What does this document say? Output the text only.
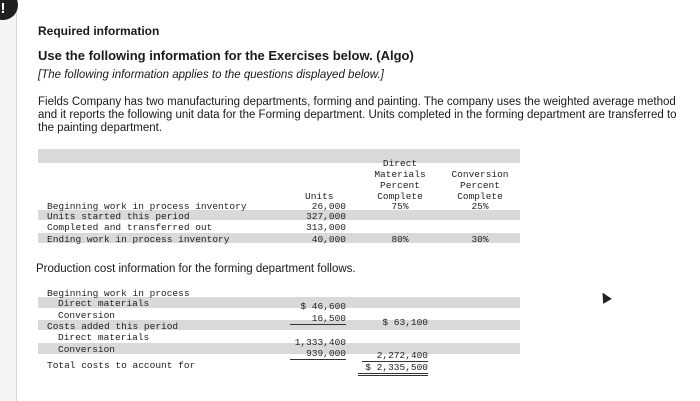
!
Required information
Use the following information for the Exercises below. (Algo)
[The following information applies to the questions displayed below.]
Fields Company has two manufacturing departments, forming and painting. The company uses the weighted average method and it reports the following unit data for the Forming department. Units completed in the forming department are transferred to the painting department.
Direct
Materials
Percent
Complete
Conversion
Percent
Complete
Units
Beginning work in process inventory	26,000	75%	25%
Units started this period	327,000
Completed and transferred out	313,000
Ending work in process inventory	40,000	80%	30%
Production cost information for the forming department follows.
Beginning work in process
Direct materials	$ 46,600
Conversion	16,500	$ 63,100
Costs added this period
Direct materials	1,333,400
Conversion	939,000	2,272,400
Total costs to account for	$ 2,335,500
